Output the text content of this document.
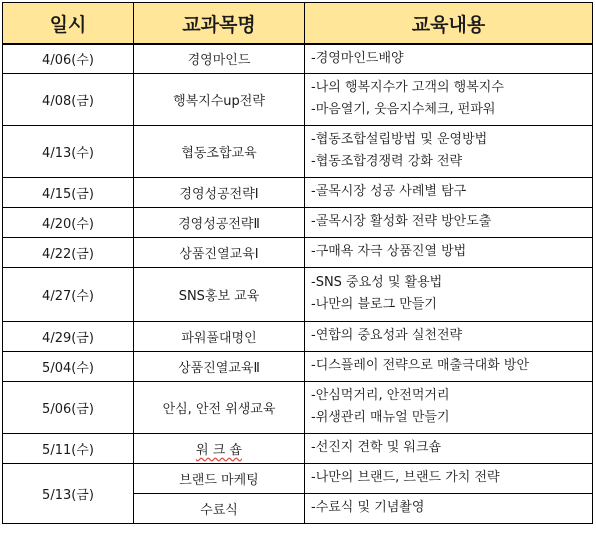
일시	교과목명	교육내용
4/06(수)	경영마인드	-경영마인드배양

4/08(금)	행복지수up전략	-나의 행복지수가 고객의 행복지수
-마음열기, 웃음지수체크, 펀파워

4/13(수)	협동조합교육	-협동조합설립방법 및 운영방법
-협동조합경쟁력 강화 전략

4/15(금)	경영성공전략Ⅰ	-골목시장 성공 사례별 탐구

4/20(수)	경영성공전략Ⅱ	-골목시장 활성화 전략 방안도출

4/22(금)	상품진열교육Ⅰ	-구매욕 자극 상품진열 방법

4/27(수)	SNS홍보 교육	-SNS 중요성 및 활용법
-나만의 블로그 만들기

4/29(금)	파워풀대명인	-연합의 중요성과 실천전략

5/04(수)	상품진열교육Ⅱ	-디스플레이 전략으로 매출극대화 방안

5/06(금)	안심, 안전 위생교육	-안심먹거리, 안전먹거리
-위생관리 매뉴얼 만들기

5/11(수)	워 크 숍	-선진지 견학 및 워크숍

5/13(금)	브랜드 마케팅	-나만의 브랜드, 브랜드 가치 전략

	수료식	-수료식 및 기념촬영
